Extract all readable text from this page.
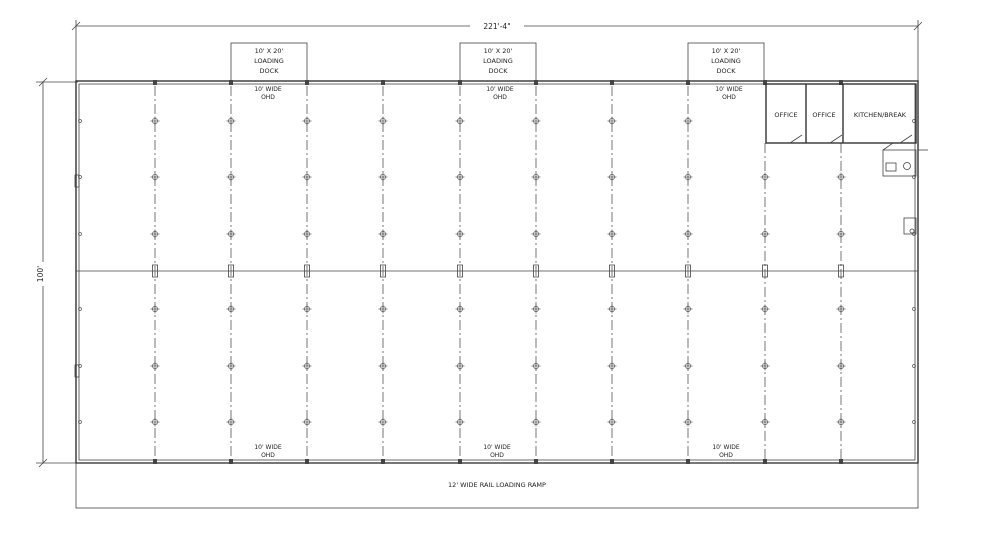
221'-4"
100'
10' X 20'
LOADING
DOCK
10' X 20'
LOADING
DOCK
10' X 20'
LOADING
DOCK
OFFICE OFFICE	KITCHEN/BREAK
10' WIDE
OHD
10' WIDE
OHD
10' WIDE
OHD
10' WIDE
OHD
10' WIDE
OHD
10' WIDE
OHD
12' WIDE RAIL LOADING RAMP
